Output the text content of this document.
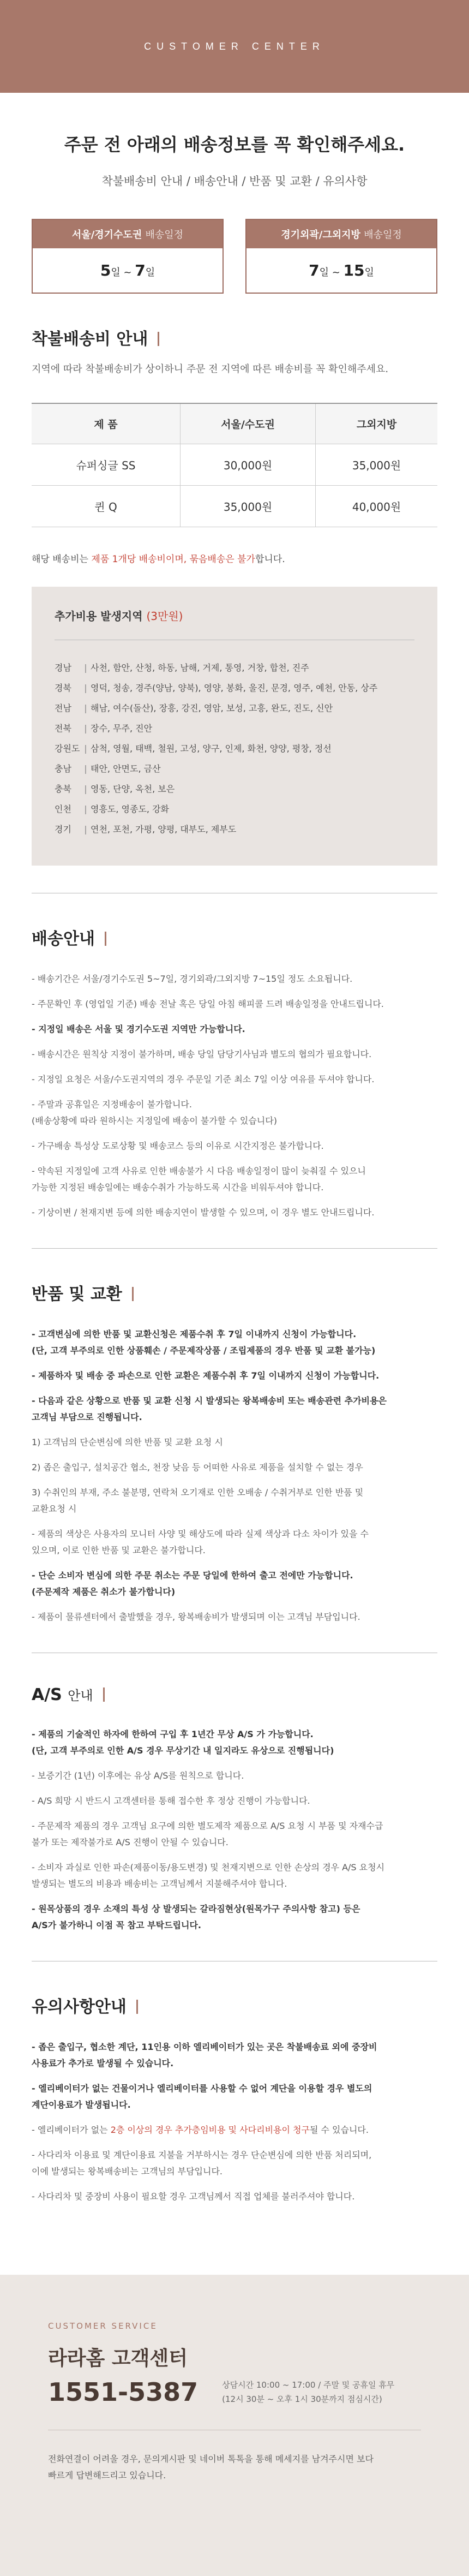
CUSTOMER CENTER
주문 전 아래의 배송정보를 꼭 확인해주세요.
착불배송비 안내 / 배송안내 / 반품 및 교환 / 유의사항
서울/경기수도권 배송일정
5일 ~ 7일
경기외곽/그외지방 배송일정
7일 ~ 15일
착불배송비 안내
지역에 따라 착불배송비가 상이하니 주문 전 지역에 따른 배송비를 꼭 확인해주세요.
제 품	서울/수도권	그외지방
슈퍼싱글 SS	30,000원	35,000원
퀸 Q	35,000원	40,000원
해당 배송비는 제품 1개당 배송비이며, 묶음배송은 불가합니다.
추가비용 발생지역 (3만원)
경남	| 사천, 함안, 산청, 하동, 남해, 거제, 통영, 거창, 합천, 진주
경북	| 영덕, 청송, 경주(양남, 양북), 영양, 봉화, 울진, 문경, 영주, 예천, 안동, 상주
전남	| 해남, 여수(돌산), 장흥, 강진, 영암, 보성, 고흥, 완도, 진도, 신안
전북	| 장수, 무주, 진안
강원도 | 삼척, 영월, 태백, 철원, 고성, 양구, 인제, 화천, 양양, 평창, 정선
충남	| 태안, 안면도, 금산
충북	| 영동, 단양, 옥천, 보은
인천	| 영흥도, 영종도, 강화
경기	| 연천, 포천, 가평, 양평, 대부도, 제부도
배송안내

- 배송기간은 서울/경기수도권 5~7일, 경기외곽/그외지방 7~15일 정도 소요됩니다.

- 주문확인 후 (영업일 기준) 배송 전날 혹은 당일 아침 해피콜 드려 배송일정을 안내드립니다.

- 지정일 배송은 서울 및 경기수도권 지역만 가능합니다.

- 배송시간은 원칙상 지정이 불가하며, 배송 당일 담당기사님과 별도의 협의가 필요합니다.

- 지정일 요청은 서울/수도권지역의 경우 주문일 기준 최소 7일 이상 여유를 두셔야 합니다.

- 주말과 공휴일은 지정배송이 불가합니다.
(배송상황에 따라 원하시는 지정일에 배송이 불가할 수 있습니다)

- 가구배송 특성상 도로상황 및 배송코스 등의 이유로 시간지정은 불가합니다.

- 약속된 지정일에 고객 사유로 인한 배송불가 시 다음 배송일정이 많이 늦춰질 수 있으니
가능한 지정된 배송일에는 배송수취가 가능하도록 시간을 비워두셔야 합니다.

- 기상이변 / 천재지변 등에 의한 배송지연이 발생할 수 있으며, 이 경우 별도 안내드립니다.

반품 및 교환

- 고객변심에 의한 반품 및 교환신청은 제품수취 후 7일 이내까지 신청이 가능합니다.
(단, 고객 부주의로 인한 상품훼손 / 주문제작상품 / 조립제품의 경우 반품 및 교환 불가능)

- 제품하자 및 배송 중 파손으로 인한 교환은 제품수취 후 7일 이내까지 신청이 가능합니다.

- 다음과 같은 상황으로 반품 및 교환 신청 시 발생되는 왕복배송비 또는 배송관련 추가비용은
고객님 부담으로 진행됩니다.

1) 고객님의 단순변심에 의한 반품 및 교환 요청 시

2) 좁은 출입구, 설치공간 협소, 천장 낮음 등 어떠한 사유로 제품을 설치할 수 없는 경우

3) 수취인의 부재, 주소 불분명, 연락처 오기재로 인한 오배송 / 수취거부로 인한 반품 및
교환요청 시

- 제품의 색상은 사용자의 모니터 사양 및 해상도에 따라 실제 색상과 다소 차이가 있을 수
있으며, 이로 인한 반품 및 교환은 불가합니다.

- 단순 소비자 변심에 의한 주문 취소는 주문 당일에 한하여 출고 전에만 가능합니다.
(주문제작 제품은 취소가 불가합니다)

- 제품이 물류센터에서 출발했을 경우, 왕복배송비가 발생되며 이는 고객님 부담입니다.

A/S 안내

- 제품의 기술적인 하자에 한하여 구입 후 1년간 무상 A/S 가 가능합니다.
(단, 고객 부주의로 인한 A/S 경우 무상기간 내 일지라도 유상으로 진행됩니다)

- 보증기간 (1년) 이후에는 유상 A/S를 원칙으로 합니다.

- A/S 희망 시 반드시 고객센터를 통해 접수한 후 정상 진행이 가능합니다.

- 주문제작 제품의 경우 고객님 요구에 의한 별도제작 제품으로 A/S 요청 시 부품 및 자재수급
불가 또는 제작불가로 A/S 진행이 안될 수 있습니다.

- 소비자 과실로 인한 파손(제품이동/용도변경) 및 천재지변으로 인한 손상의 경우 A/S 요청시
발생되는 별도의 비용과 배송비는 고객님께서 지불해주셔야 합니다.

- 원목상품의 경우 소재의 특성 상 발생되는 갈라짐현상(원목가구 주의사항 참고) 등은
A/S가 불가하니 이점 꼭 참고 부탁드립니다.

유의사항안내

- 좁은 출입구, 협소한 계단, 11인용 이하 엘리베이터가 있는 곳은 착불배송료 외에 중장비
사용료가 추가로 발생될 수 있습니다.

- 엘리베이터가 없는 건물이거나 엘리베이터를 사용할 수 없어 계단을 이용할 경우 별도의
계단이용료가 발생됩니다.

- 엘리베이터가 없는 2층 이상의 경우 추가층임비용 및 사다리비용이 청구될 수 있습니다.

- 사다리차 이용료 및 계단이용료 지불을 거부하시는 경우 단순변심에 의한 반품 처리되며,
이에 발생되는 왕복배송비는 고객님의 부담입니다.

- 사다리차 및 중장비 사용이 필요할 경우 고객님께서 직접 업체를 불러주셔야 합니다.

CUSTOMER SERVICE
라라홈 고객센터
1551-5387	상담시간 10:00 ~ 17:00 / 주말 및 공휴일 휴무
(12시 30분 ~ 오후 1시 30분까지 점심시간)
전화연결이 어려울 경우, 문의게시판 및 네이버 톡톡을 통해 메세지를 남겨주시면 보다
빠르게 답변해드리고 있습니다.
